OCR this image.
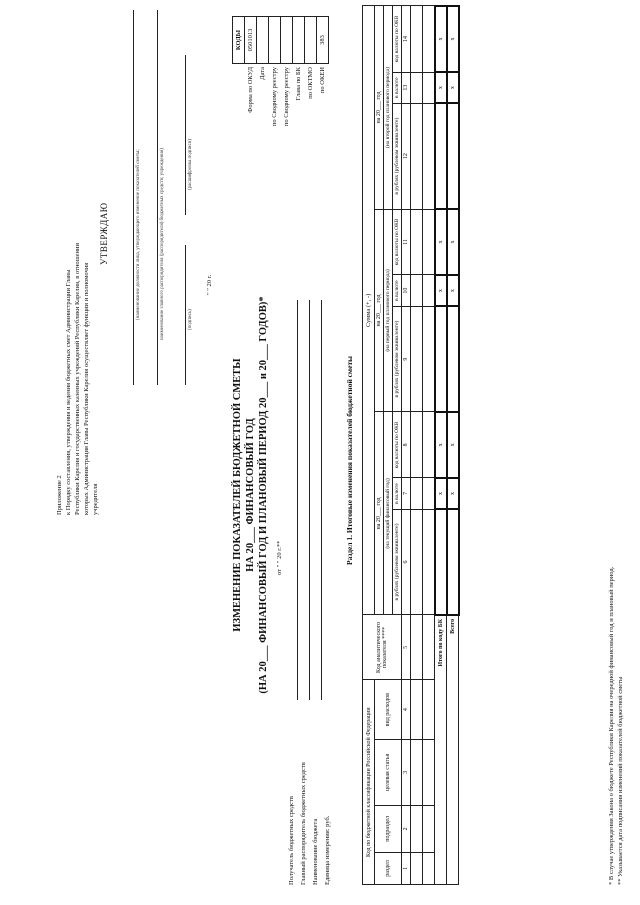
Приложение 2 к Порядку составления, утверждения и ведения бюджетных смет Администрации Главы Республики Карелия и государственных казенных учреждений Республики Карелия, в отношении которых Администрация Главы Республики Карелия осуществляет функции и полномочия учредителя
УТВЕРЖДАЮ	(наименование должности лица, утверждающего изменение показателей сметы;	наименование главного распорядителя (распорядителя) бюджетных средств; учреждения)	(подпись)
(расшифровка подписи)
" " 20 г.
ИЗМЕНЕНИЕ ПОКАЗАТЕЛЕЙ БЮДЖЕТНОЙ СМЕТЫ НА 20___ ФИНАНСОВЫЙ ГОД (НА 20___ ФИНАНСОВЫЙ ГОД И ПЛАНОВЫЙ ПЕРИОД 20___ и 20___ ГОДОВ)* от " " 20 г.**
Получатель бюджетных средств Главный распорядитель бюджетных средств Наименование бюджета Единица измерения: руб.
	КОДЫ
Форма по ОКУД	0501013
Дата	
по Сводному реестру	
по Сводному реестру	
Глава по БК	
по ОКТМО	
по ОКЕИ	383
Раздел 1. Итоговые изменения показателей бюджетной сметы
Код по бюджетной классификации Российской Федерации				Код аналитического показателя ****	Сумма (+, -)								
раздел	подраздел	целевая статья	вид расходов		на 20___ год			на 20___ год			на 20___ год		
					(на текущий финансовый год)			(на первый год планового периода)			(на второй год планового периода)		
					в рублях (рублевом эквиваленте)	в валюте	код валюты по ОКВ	в рублях (рублевом эквиваленте)	в валюте	код валюты по ОКВ	в рублях (рублевом эквиваленте)	в валюте	код валюты по ОКВ
1	2	3	4	5	6	7	8	9	10	11	12	13	14

Итого по коду БК						x	x		x	x		x	x
Всего						x	x		x	x		x	x
* В случае утверждения Закона о бюджете Республики Карелия на очередной финансовый год и плановый период. ** Указывается дата подписания изменений показателей бюджетной сметы
